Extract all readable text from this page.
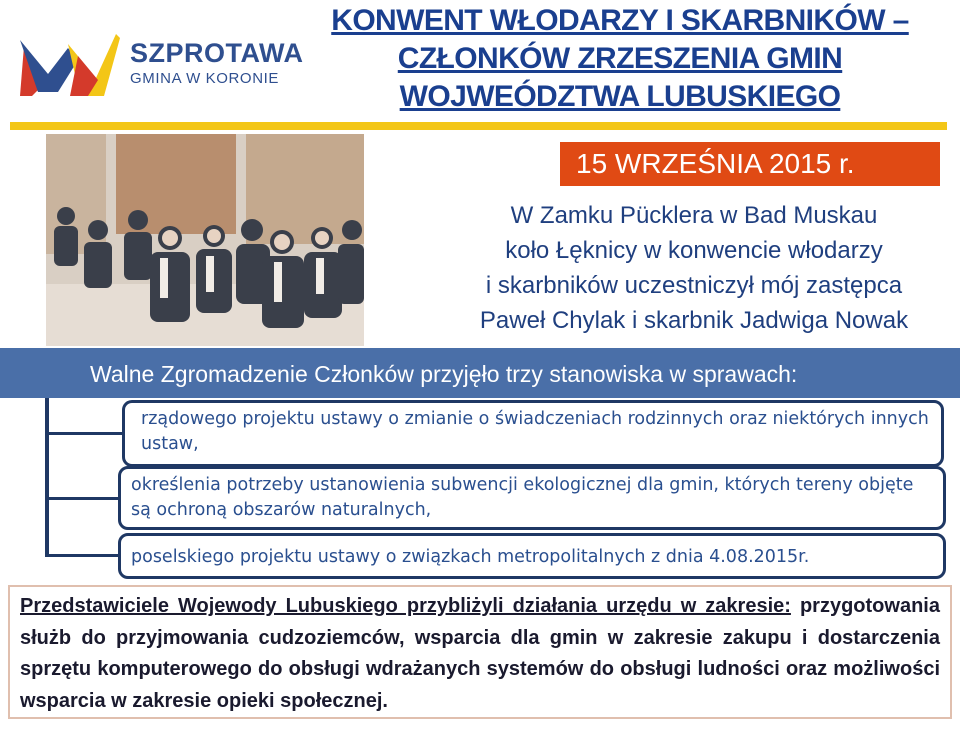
SZPROTAWA
GMINA W KORONIE
KONWENT WŁODARZY I SKARBNIKÓW – CZŁONKÓW ZRZESZENIA GMIN WOJWEÓDZTWA LUBUSKIEGO
15 WRZEŚNIA 2015 r.
W Zamku Pücklera w Bad Muskau
koło Łęknicy w konwencie włodarzy
i skarbników uczestniczył mój zastępca
Paweł Chylak i skarbnik Jadwiga Nowak
Walne Zgromadzenie Członków przyjęło trzy stanowiska w sprawach:
rządowego projektu ustawy o zmianie o świadczeniach rodzinnych oraz niektórych innych ustaw,
określenia potrzeby ustanowienia subwencji ekologicznej dla gmin, których tereny objęte są ochroną obszarów naturalnych,
poselskiego projektu ustawy o związkach metropolitalnych z dnia 4.08.2015r.
Przedstawiciele Wojewody Lubuskiego przybliżyli działania urzędu w zakresie: przygotowania służb do przyjmowania cudzoziemców, wsparcia dla gmin w zakresie zakupu i dostarczenia sprzętu komputerowego do obsługi wdrażanych systemów do obsługi ludności oraz możliwości wsparcia w zakresie opieki społecznej.
